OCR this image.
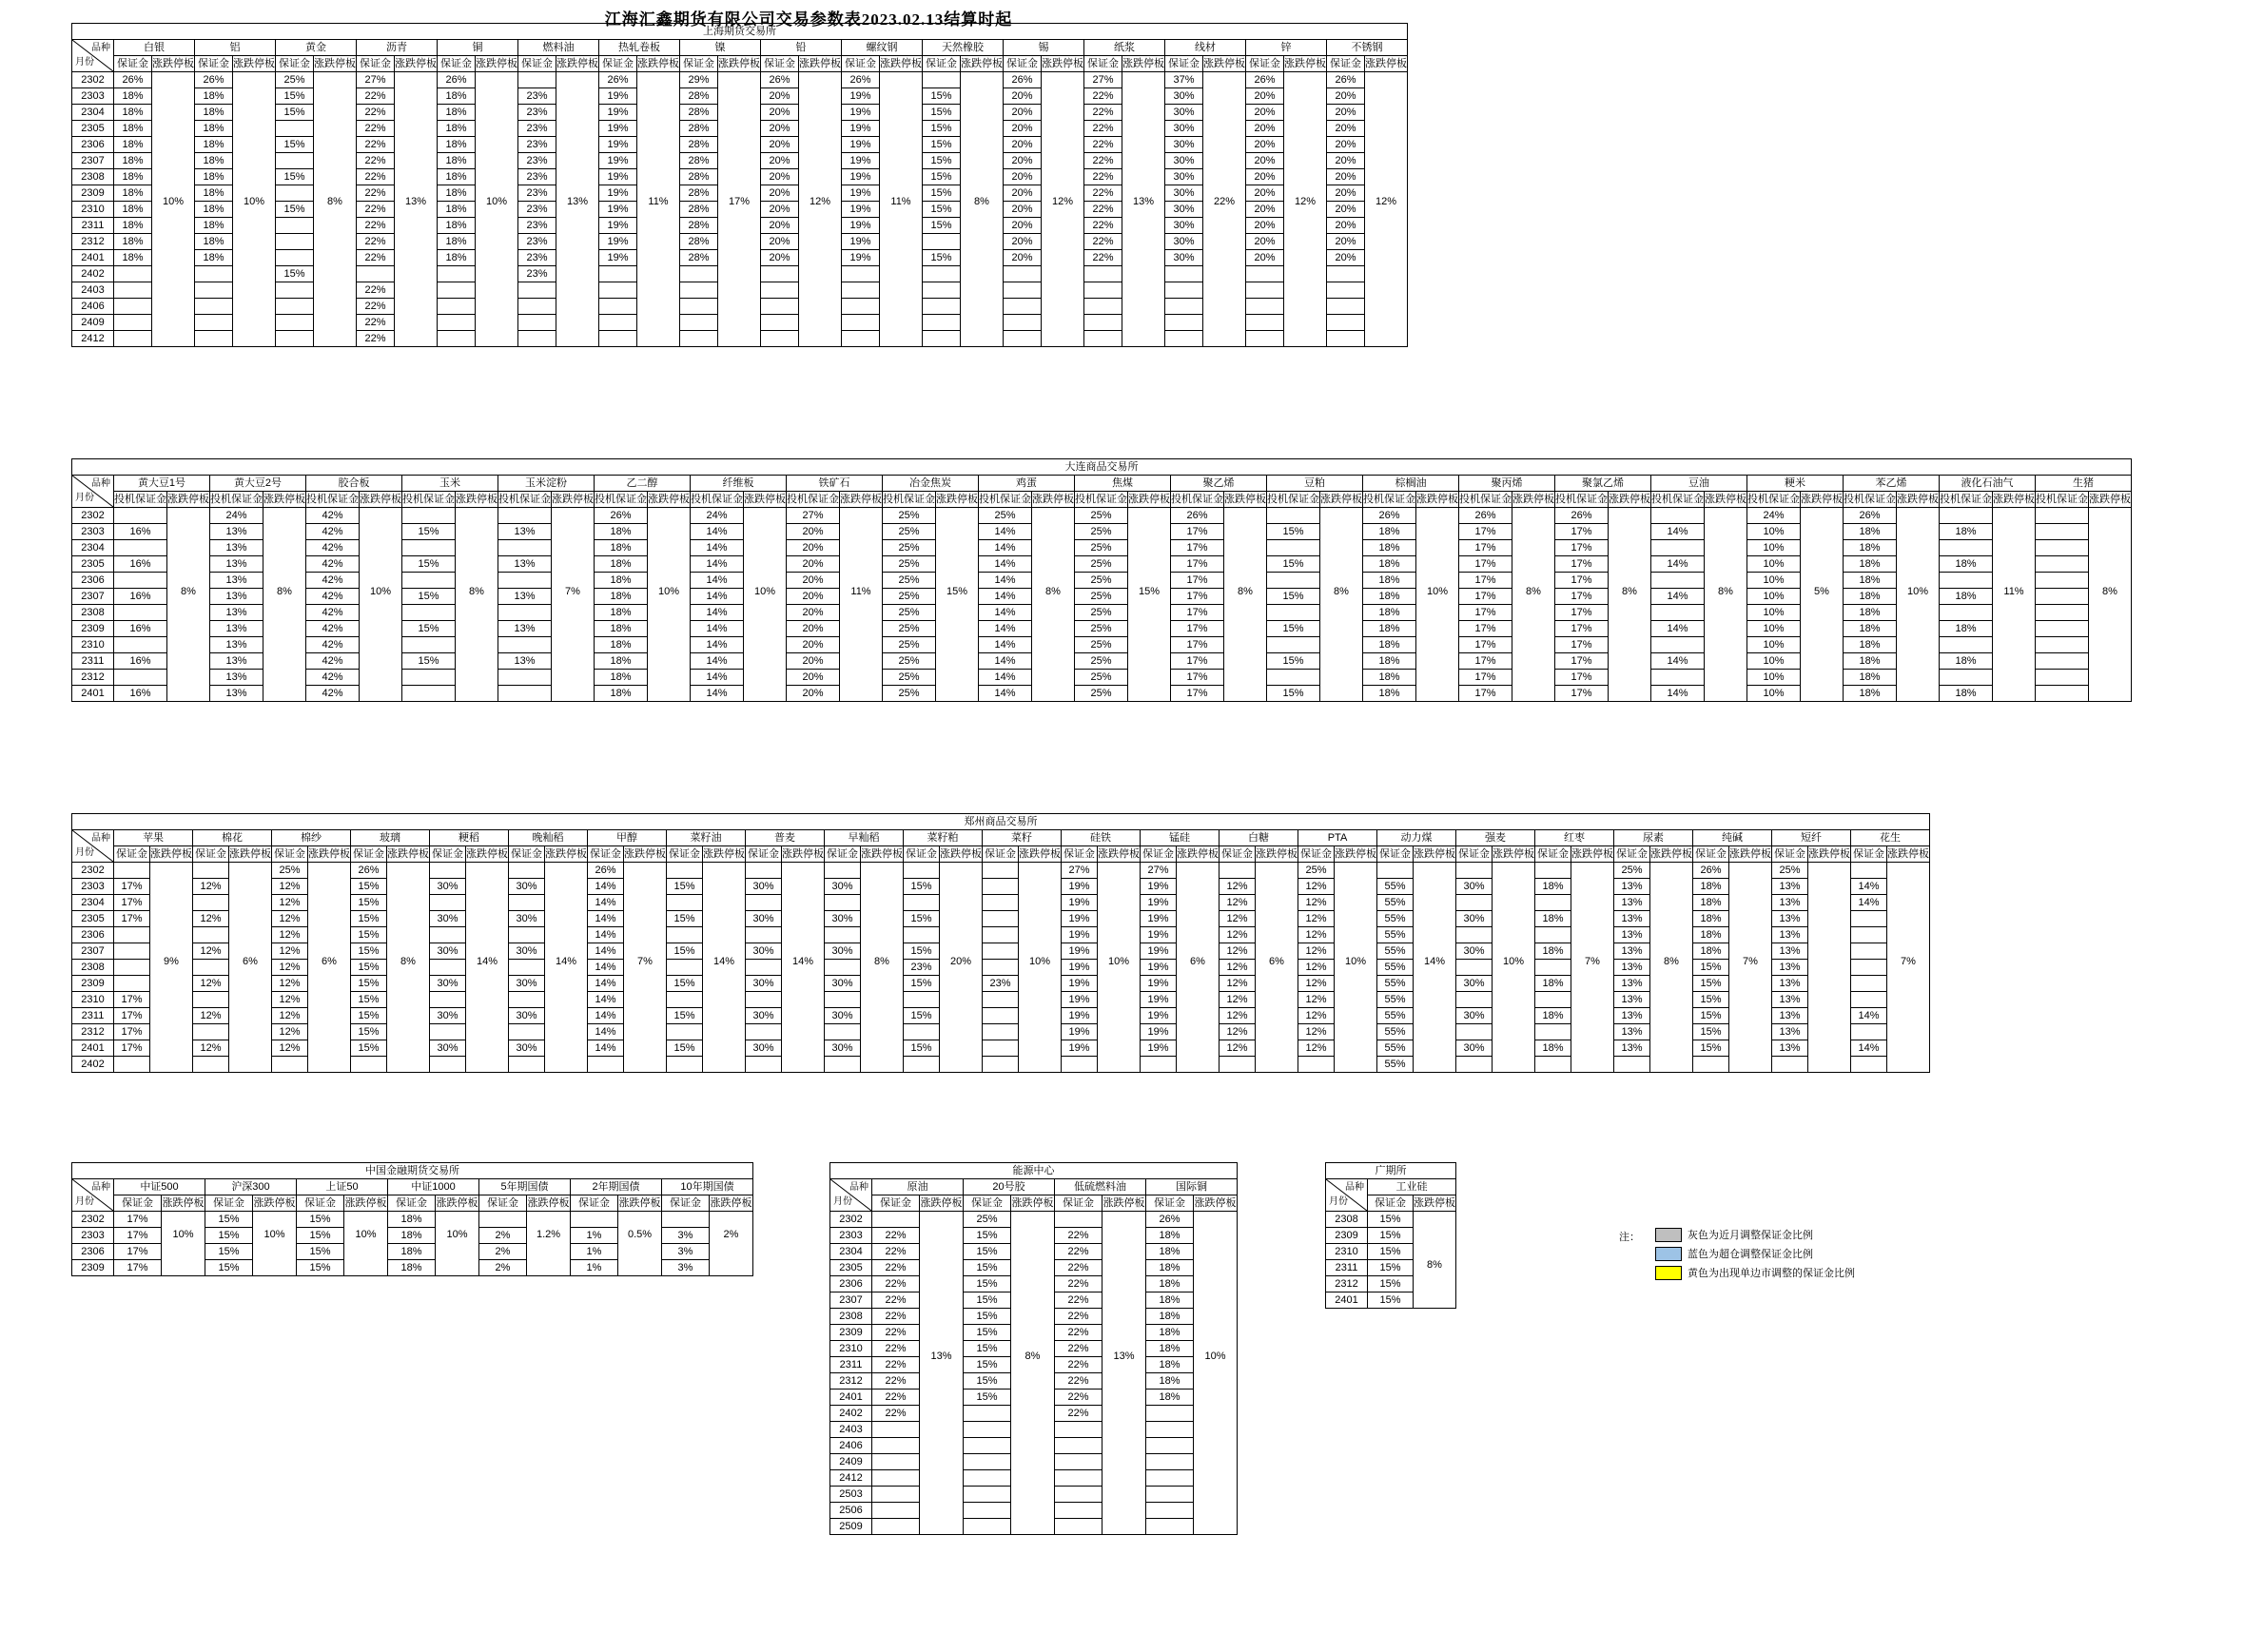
江海汇鑫期货有限公司交易参数表2023.02.13结算时起
上海期货交易所																																

品种
月份	白银		铝		黄金		沥青		铜		燃料油		热轧卷板		镍		铅		螺纹钢		天然橡胶		锡		纸浆		线材		锌		不锈钢	
	保证金	涨跌停板	保证金	涨跌停板	保证金	涨跌停板	保证金	涨跌停板	保证金	涨跌停板	保证金	涨跌停板	保证金	涨跌停板	保证金	涨跌停板	保证金	涨跌停板	保证金	涨跌停板	保证金	涨跌停板	保证金	涨跌停板	保证金	涨跌停板	保证金	涨跌停板	保证金	涨跌停板	保证金	涨跌停板
2302	26%	10%	26%	10%	25%	8%	27%	13%	26%	10%		13%	26%	11%	29%	17%	26%	12%	26%	11%		8%	26%	12%	27%	13%	37%	22%	26%	12%	26%	12%

2303	18%		18%		15%		22%		18%		23%		19%		28%		20%		19%		15%		20%		22%		30%		20%		20%	
2304	18%		18%		15%		22%		18%		23%		19%		28%		20%		19%		15%		20%		22%		30%		20%		20%	
2305	18%		18%				22%		18%		23%		19%		28%		20%		19%		15%		20%		22%		30%		20%		20%	
2306	18%		18%		15%		22%		18%		23%		19%		28%		20%		19%		15%		20%		22%		30%		20%		20%	
2307	18%		18%				22%		18%		23%		19%		28%		20%		19%		15%		20%		22%		30%		20%		20%	
2308	18%		18%		15%		22%		18%		23%		19%		28%		20%		19%		15%		20%		22%		30%		20%		20%	
2309	18%		18%				22%		18%		23%		19%		28%		20%		19%		15%		20%		22%		30%		20%		20%	
2310	18%		18%		15%		22%		18%		23%		19%		28%		20%		19%		15%		20%		22%		30%		20%		20%	
2311	18%		18%				22%		18%		23%		19%		28%		20%		19%		15%		20%		22%		30%		20%		20%	
2312	18%		18%				22%		18%		23%		19%		28%		20%		19%				20%		22%		30%		20%		20%	
2401	18%		18%				22%		18%		23%		19%		28%		20%		19%		15%		20%		22%		30%		20%		20%	
2402					15%						23%																					
2403							22%																									
2406							22%																									
2409							22%																									
2412							22%																									
大连商品交易所																																										

品种
月份	黄大豆1号		黄大豆2号		胶合板		玉米		玉米淀粉		乙二醇		纤维板		铁矿石		冶金焦炭		鸡蛋		焦煤		聚乙烯		豆粕		棕榈油		聚丙烯		聚氯乙烯		豆油		粳米		苯乙烯		液化石油气		生猪	
	投机保证金	涨跌停板	投机保证金	涨跌停板	投机保证金	涨跌停板	投机保证金	涨跌停板	投机保证金	涨跌停板	投机保证金	涨跌停板	投机保证金	涨跌停板	投机保证金	涨跌停板	投机保证金	涨跌停板	投机保证金	涨跌停板	投机保证金	涨跌停板	投机保证金	涨跌停板	投机保证金	涨跌停板	投机保证金	涨跌停板	投机保证金	涨跌停板	投机保证金	涨跌停板	投机保证金	涨跌停板	投机保证金	涨跌停板	投机保证金	涨跌停板	投机保证金	涨跌停板	投机保证金	涨跌停板
2302		8%	24%	8%	42%	10%		8%		7%	26%	10%	24%	10%	27%	11%	25%	15%	25%	8%	25%	15%	26%	8%		8%	26%	10%	26%	8%	26%	8%		8%	24%	5%	26%	10%		11%		8%

2303	16%		13%		42%		15%		13%		18%		14%		20%		25%		14%		25%		17%		15%		18%		17%		17%		14%		10%		18%		18%			
2304			13%		42%						18%		14%		20%		25%		14%		25%		17%				18%		17%		17%				10%		18%					
2305	16%		13%		42%		15%		13%		18%		14%		20%		25%		14%		25%		17%		15%		18%		17%		17%		14%		10%		18%		18%			
2306			13%		42%						18%		14%		20%		25%		14%		25%		17%				18%		17%		17%				10%		18%					
2307	16%		13%		42%		15%		13%		18%		14%		20%		25%		14%		25%		17%		15%		18%		17%		17%		14%		10%		18%		18%			
2308			13%		42%						18%		14%		20%		25%		14%		25%		17%				18%		17%		17%				10%		18%					
2309	16%		13%		42%		15%		13%		18%		14%		20%		25%		14%		25%		17%		15%		18%		17%		17%		14%		10%		18%		18%			
2310			13%		42%						18%		14%		20%		25%		14%		25%		17%				18%		17%		17%				10%		18%					
2311	16%		13%		42%		15%		13%		18%		14%		20%		25%		14%		25%		17%		15%		18%		17%		17%		14%		10%		18%		18%			
2312			13%		42%						18%		14%		20%		25%		14%		25%		17%				18%		17%		17%				10%		18%					
2401	16%		13%		42%						18%		14%		20%		25%		14%		25%		17%		15%		18%		17%		17%		14%		10%		18%		18%			
郑州商品交易所																																														

品种
月份	苹果		棉花		棉纱		玻璃		粳稻		晚籼稻		甲醇		菜籽油		普麦		早籼稻		菜籽粕		菜籽		硅铁		锰硅		白糖		PTA		动力煤		强麦		红枣		尿素		纯碱		短纤		花生	
	保证金	涨跌停板	保证金	涨跌停板	保证金	涨跌停板	保证金	涨跌停板	保证金	涨跌停板	保证金	涨跌停板	保证金	涨跌停板	保证金	涨跌停板	保证金	涨跌停板	保证金	涨跌停板	保证金	涨跌停板	保证金	涨跌停板	保证金	涨跌停板	保证金	涨跌停板	保证金	涨跌停板	保证金	涨跌停板	保证金	涨跌停板	保证金	涨跌停板	保证金	涨跌停板	保证金	涨跌停板	保证金	涨跌停板	保证金	涨跌停板	保证金	涨跌停板
2302		9%		6%	25%	6%	26%	8%		14%		14%	26%	7%		14%		14%		8%		20%		10%	27%	10%	27%	6%		6%	25%	10%		14%		10%		7%	25%	8%	26%	7%	25%			7%

2303	17%		12%		12%		15%		30%		30%		14%		15%		30%		30%		15%				19%		19%		12%		12%		55%		30%		18%		13%		18%		13%		14%	
2304	17%				12%		15%						14%												19%		19%		12%		12%		55%						13%		18%		13%		14%	
2305	17%		12%		12%		15%		30%		30%		14%		15%		30%		30%		15%				19%		19%		12%		12%		55%		30%		18%		13%		18%		13%			
2306					12%		15%						14%												19%		19%		12%		12%		55%						13%		18%		13%			
2307			12%		12%		15%		30%		30%		14%		15%		30%		30%		15%				19%		19%		12%		12%		55%		30%		18%		13%		18%		13%			
2308					12%		15%						14%								23%				19%		19%		12%		12%		55%						13%		15%		13%			
2309			12%		12%		15%		30%		30%		14%		15%		30%		30%		15%		23%		19%		19%		12%		12%		55%		30%		18%		13%		15%		13%			
2310	17%				12%		15%						14%												19%		19%		12%		12%		55%						13%		15%		13%			
2311	17%		12%		12%		15%		30%		30%		14%		15%		30%		30%		15%				19%		19%		12%		12%		55%		30%		18%		13%		15%		13%		14%	
2312	17%				12%		15%						14%												19%		19%		12%		12%		55%						13%		15%		13%			
2401	17%		12%		12%		15%		30%		30%		14%		15%		30%		30%		15%				19%		19%		12%		12%		55%		30%		18%		13%		15%		13%		14%	
2402																																	55%													
中国金融期货交易所														

品种
月份	中证500		沪深300		上证50		中证1000		5年期国债		2年期国债		10年期国债	
	保证金	涨跌停板	保证金	涨跌停板	保证金	涨跌停板	保证金	涨跌停板	保证金	涨跌停板	保证金	涨跌停板	保证金	涨跌停板
2302	17%	10%	15%	10%	15%	10%	18%	10%		1.2%		0.5%		2%

2303	17%		15%		15%		18%		2%		1%		3%	
2306	17%		15%		15%		18%		2%		1%		3%	
2309	17%		15%		15%		18%		2%		1%		3%	
能源中心								

品种
月份	原油		20号胶		低硫燃料油		国际铜	
	保证金	涨跌停板	保证金	涨跌停板	保证金	涨跌停板	保证金	涨跌停板
2302		13%	25%	8%		13%	26%	10%

2303	22%		15%		22%		18%	
2304	22%		15%		22%		18%	
2305	22%		15%		22%		18%	
2306	22%		15%		22%		18%	
2307	22%		15%		22%		18%	
2308	22%		15%		22%		18%	
2309	22%		15%		22%		18%	
2310	22%		15%		22%		18%	
2311	22%		15%		22%		18%	
2312	22%		15%		22%		18%	
2401	22%		15%		22%		18%	
2402	22%				22%			
2403								
2406								
2409								
2412								
2503								
2506								
2509								
广期所		

品种
月份	工业硅	
	保证金	涨跌停板
2308	15%	8%

2309	15%	
2310	15%	
2311	15%	
2312	15%	
2401	15%	
注：	灰色为近月调整保证金比例
蓝色为超仓调整保证金比例
黄色为出现单边市调整的保证金比例
